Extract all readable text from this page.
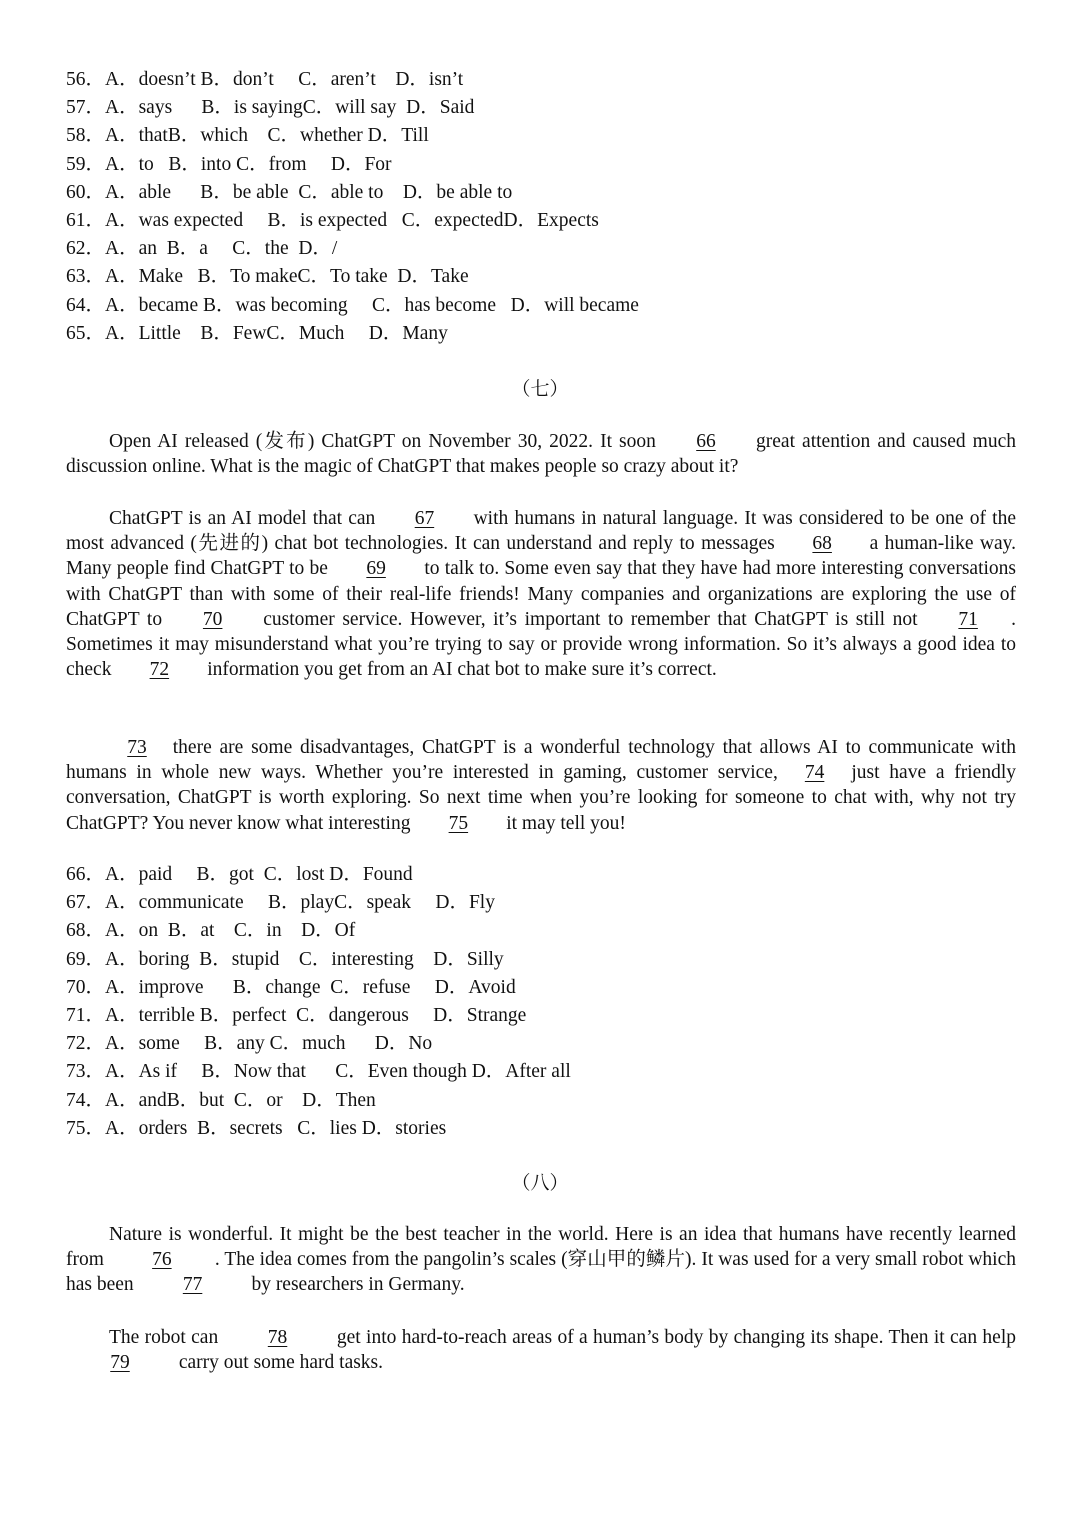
56．A．doesn’t B．don’t     C．aren’t    D．isn’t
57．A．says      B．is sayingC．will say  D．Said
58．A．thatB．which    C．whether D．Till
59．A．to   B．into C．from     D．For
60．A．able      B．be able  C．able to    D．be able to
61．A．was expected     B．is expected   C．expectedD．Expects
62．A．an  B．a     C．the  D．/
63．A．Make   B．To makeC．To take  D．Take
64．A．became B．was becoming     C．has become   D．will became
65．A．Little    B．FewC．Much     D．Many
（七）

Open AI released (发布) ChatGPT on November 30, 2022. It soon 66 great attention and caused much discussion online. What is the magic of ChatGPT that makes people so crazy about it?

ChatGPT is an AI model that can 67 with humans in natural language. It was considered to be one of the most advanced (先进的) chat bot technologies. It can understand and reply to messages 68 a human-like way. Many people find ChatGPT to be 69 to talk to. Some even say that they have had more interesting conversations with ChatGPT than with some of their real-life friends! Many companies and organizations are exploring the use of ChatGPT to 70 customer service. However, it’s important to remember that ChatGPT is still not 71 . Sometimes it may misunderstand what you’re trying to say or provide wrong information. So it’s always a good idea to check 72 information you get from an AI chat bot to make sure it’s correct.

73 there are some disadvantages, ChatGPT is a wonderful technology that allows AI to communicate with humans in whole new ways. Whether you’re interested in gaming, customer service, 74 just have a friendly conversation, ChatGPT is worth exploring. So next time when you’re looking for someone to chat with, why not try ChatGPT? You never know what interesting 75 it may tell you!

66．A．paid     B．got  C．lost D．Found
67．A．communicate     B．playC．speak     D．Fly
68．A．on  B．at    C．in    D．Of
69．A．boring  B．stupid    C．interesting    D．Silly
70．A．improve      B．change  C．refuse     D．Avoid
71．A．terrible B．perfect  C．dangerous     D．Strange
72．A．some     B．any C．much      D．No
73．A．As if     B．Now that      C．Even though D．After all
74．A．andB．but  C．or    D．Then
75．A．orders  B．secrets   C．lies D．stories
（八）

Nature is wonderful. It might be the best teacher in the world. Here is an idea that humans have recently learned from 76 . The idea comes from the pangolin’s scales (穿山甲的鳞片). It was used for a very small robot which has been 77 by researchers in Germany.

The robot can 78 get into hard-to-reach areas of a human’s body by changing its shape. Then it can help 79 carry out some hard tasks.
